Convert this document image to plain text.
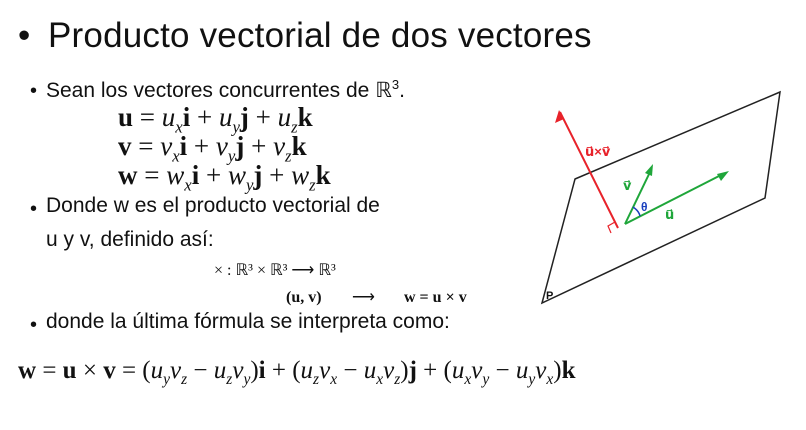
• Producto vectorial de dos vectores
• Sean los vectores concurrentes de ℝ$^3$.
$u = u_xi + u_yj + u_zk$
$v = v_xi + v_yj + v_zk$
$w = w_xi + w_yj + w_zk$
• Donde w es el producto vectorial de
u y v, definido así:
× : ℝ³ × ℝ³ ⟶ ℝ³
(u, v) ⟶ w = u × v
• donde la última fórmula se interpreta como:
$w = u \times v = (u_yv_z - u_zv_y)i + (u_zv_x - u_xv_z)j + (u_xv_y - u_yv_x)k$
P
u⃗×v⃗
v⃗
u⃗
θ
